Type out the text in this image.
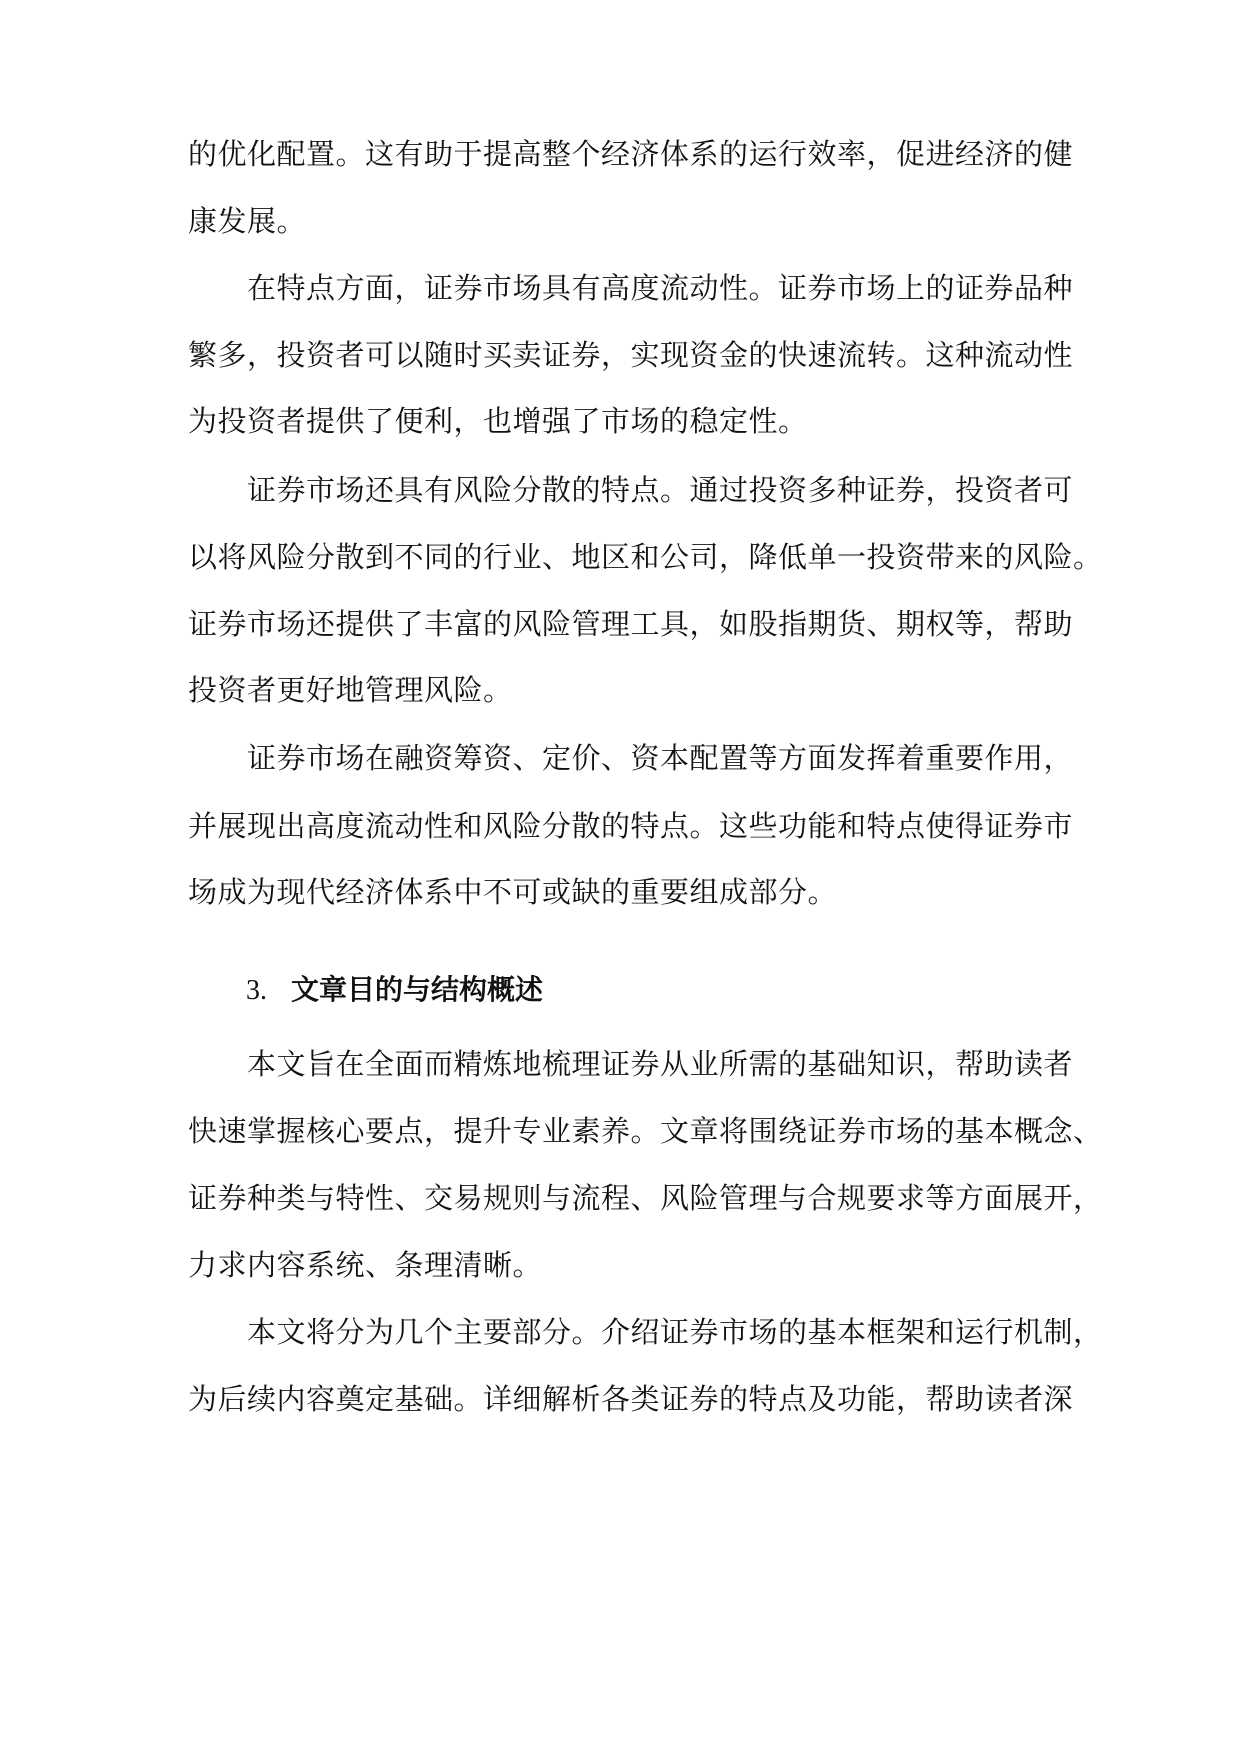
的优化配置。这有助于提高整个经济体系的运行效率，促进经济的健
康发展。
　　在特点方面，证券市场具有高度流动性。证券市场上的证券品种
繁多，投资者可以随时买卖证券，实现资金的快速流转。这种流动性
为投资者提供了便利，也增强了市场的稳定性。
　　证券市场还具有风险分散的特点。通过投资多种证券，投资者可
以将风险分散到不同的行业、地区和公司，降低单一投资带来的风险。
证券市场还提供了丰富的风险管理工具，如股指期货、期权等，帮助
投资者更好地管理风险。
　　证券市场在融资筹资、定价、资本配置等方面发挥着重要作用，
并展现出高度流动性和风险分散的特点。这些功能和特点使得证券市
场成为现代经济体系中不可或缺的重要组成部分。
3. 文章目的与结构概述
　　本文旨在全面而精炼地梳理证券从业所需的基础知识，帮助读者
快速掌握核心要点，提升专业素养。文章将围绕证券市场的基本概念、
证券种类与特性、交易规则与流程、风险管理与合规要求等方面展开，
力求内容系统、条理清晰。
　　本文将分为几个主要部分。介绍证券市场的基本框架和运行机制，
为后续内容奠定基础。详细解析各类证券的特点及功能，帮助读者深
